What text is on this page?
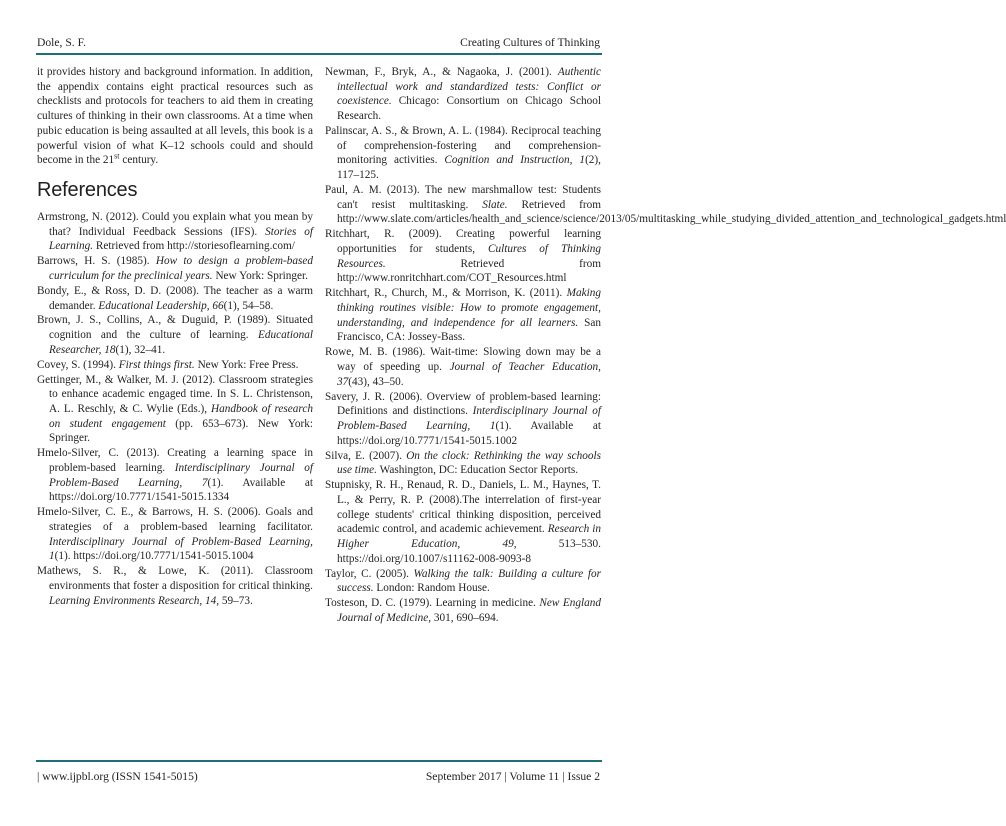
Dole, S. F.	Creating Cultures of Thinking

it provides history and background information. In addition, the appendix contains eight practical resources such as checklists and protocols for teachers to aid them in creating cultures of thinking in their own classrooms. At a time when pubic education is being assaulted at all levels, this book is a powerful vision of what K–12 schools could and should become in the 21st century.

References

Armstrong, N. (2012). Could you explain what you mean by that? Individual Feedback Sessions (IFS). Stories of Learning. Retrieved from http://storiesoflearning.com/

Barrows, H. S. (1985). How to design a problem-based curriculum for the preclinical years. New York: Springer.

Bondy, E., & Ross, D. D. (2008). The teacher as a warm demander. Educational Leadership, 66(1), 54–58.

Brown, J. S., Collins, A., & Duguid, P. (1989). Situated cognition and the culture of learning. Educational Researcher, 18(1), 32–41.

Covey, S. (1994). First things first. New York: Free Press.

Gettinger, M., & Walker, M. J. (2012). Classroom strategies to enhance academic engaged time. In S. L. Christenson, A. L. Reschly, & C. Wylie (Eds.), Handbook of research on student engagement (pp. 653–673). New York: Springer.

Hmelo-Silver, C. (2013). Creating a learning space in problem-based learning. Interdisciplinary Journal of Problem-Based Learning, 7(1). Available at https://doi.org/10.7771/1541-5015.1334

Hmelo-Silver, C. E., & Barrows, H. S. (2006). Goals and strategies of a problem-based learning facilitator. Interdisciplinary Journal of Problem-Based Learning, 1(1). https://doi.org/10.7771/1541-5015.1004

Mathews, S. R., & Lowe, K. (2011). Classroom environments that foster a disposition for critical thinking. Learning Environments Research, 14, 59–73.

Newman, F., Bryk, A., & Nagaoka, J. (2001). Authentic intellectual work and standardized tests: Conflict or coexistence. Chicago: Consortium on Chicago School Research.

Palinscar, A. S., & Brown, A. L. (1984). Reciprocal teaching of comprehension-fostering and comprehension-monitoring activities. Cognition and Instruction, 1(2), 117–125.

Paul, A. M. (2013). The new marshmallow test: Students can't resist multitasking. Slate. Retrieved from http://www.slate.com/articles/health_and_science/science/2013/05/multitasking_while_studying_divided_attention_and_technological_gadgets.html

Ritchhart, R. (2009). Creating powerful learning opportunities for students, Cultures of Thinking Resources. Retrieved from http://www.ronritchhart.com/COT_Resources.html

Ritchhart, R., Church, M., & Morrison, K. (2011). Making thinking routines visible: How to promote engagement, understanding, and independence for all learners. San Francisco, CA: Jossey-Bass.

Rowe, M. B. (1986). Wait-time: Slowing down may be a way of speeding up. Journal of Teacher Education, 37(43), 43–50.

Savery, J. R. (2006). Overview of problem-based learning: Definitions and distinctions. Interdisciplinary Journal of Problem-Based Learning, 1(1). Available at https://doi.org/10.7771/1541-5015.1002

Silva, E. (2007). On the clock: Rethinking the way schools use time. Washington, DC: Education Sector Reports.

Stupnisky, R. H., Renaud, R. D., Daniels, L. M., Haynes, T. L., & Perry, R. P. (2008).The interrelation of first-year college students' critical thinking disposition, perceived academic control, and academic achievement. Research in Higher Education, 49, 513–530. https://doi.org/10.1007/s11162-008-9093-8

Taylor, C. (2005). Walking the talk: Building a culture for success. London: Random House.

Tosteson, D. C. (1979). Learning in medicine. New England Journal of Medicine, 301, 690–694.

| www.ijpbl.org (ISSN 1541-5015)	September 2017 | Volume 11 | Issue 2
